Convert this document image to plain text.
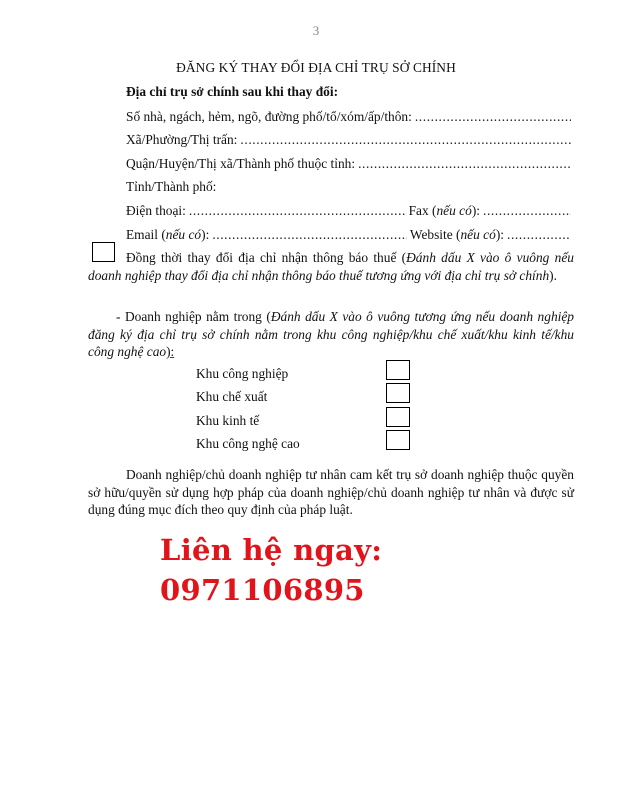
3
ĐĂNG KÝ THAY ĐỔI ĐỊA CHỈ TRỤ SỞ CHÍNH
Địa chỉ trụ sở chính sau khi thay đổi:
Số nhà, ngách, hẻm, ngõ, đường phố/tổ/xóm/ấp/thôn:
.....
Xã/Phường/Thị trấn:
.....
Quận/Huyện/Thị xã/Thành phố thuộc tỉnh:
.....
Tỉnh/Thành phố:
Điện thoại: .....	Fax ( nếu có ):
.....
Email ( nếu có ): .....	Website ( nếu có ):
.....
Đồng thời thay đổi địa chỉ nhận thông báo thuế (Đánh dấu X vào ô vuông nếu doanh nghiệp thay đổi địa chỉ nhận thông báo thuế tương ứng với địa chỉ trụ sở chính).
- Doanh nghiệp nằm trong (Đánh dấu X vào ô vuông tương ứng nếu doanh nghiệp đăng ký địa chỉ trụ sở chính nằm trong khu công nghiệp/khu chế xuất/khu kinh tế/khu công nghệ cao):
Khu công nghiệp
Khu chế xuất
Khu kinh tế
Khu công nghệ cao
Doanh nghiệp/chủ doanh nghiệp tư nhân cam kết trụ sở doanh nghiệp thuộc quyền sở hữu/quyền sử dụng hợp pháp của doanh nghiệp/chủ doanh nghiệp tư nhân và được sử dụng đúng mục đích theo quy định của pháp luật.
Liên hệ ngay:
0971106895
